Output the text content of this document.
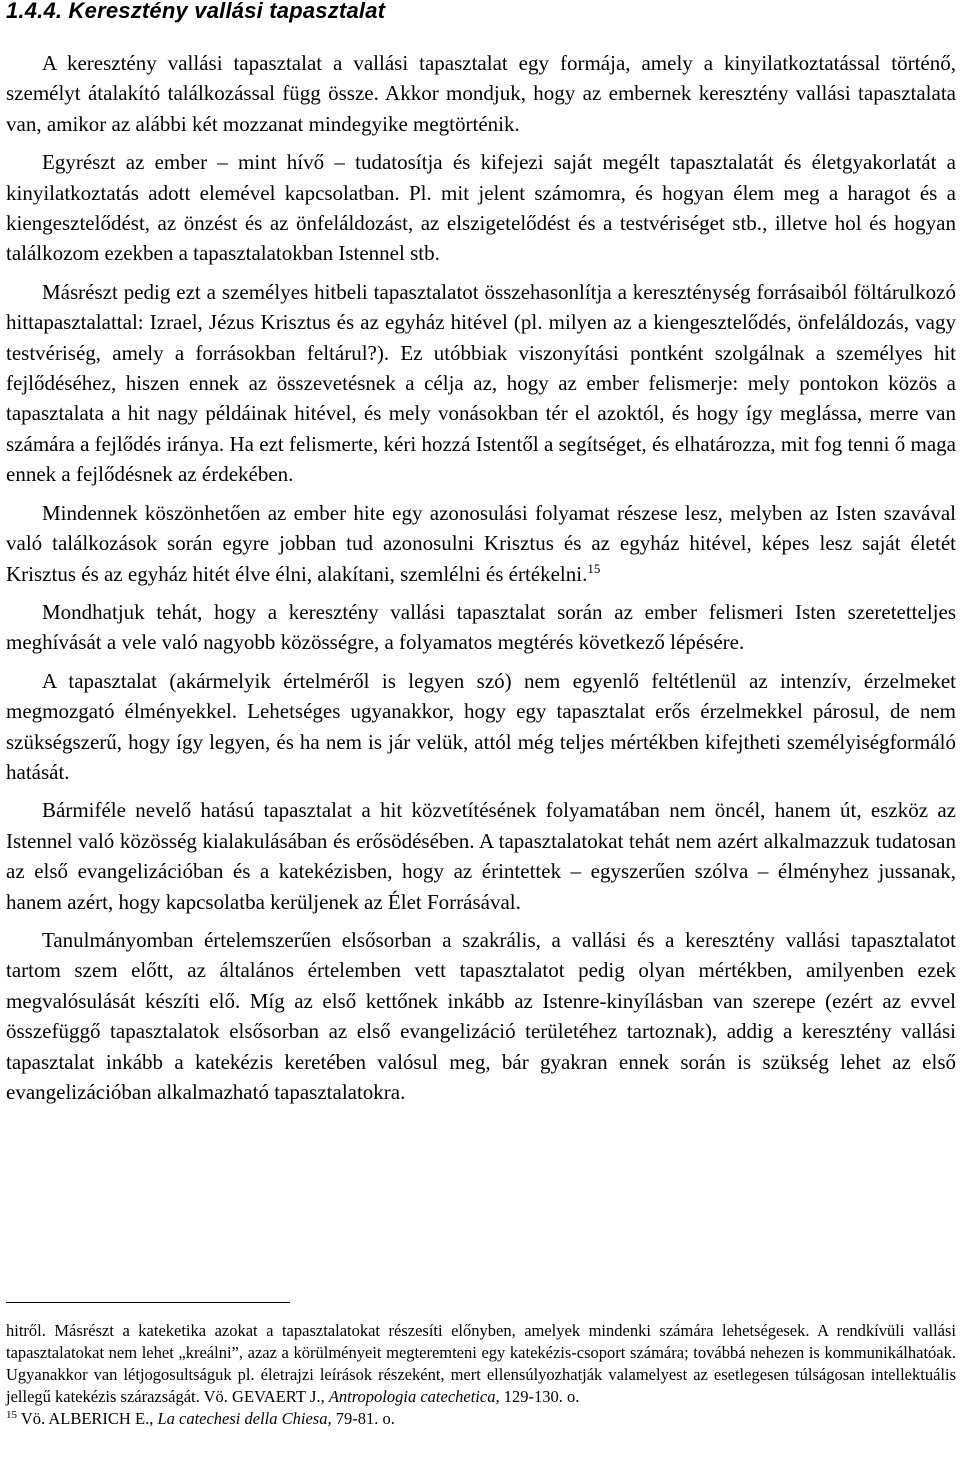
1.4.4. Keresztény vallási tapasztalat

A keresztény vallási tapasztalat a vallási tapasztalat egy formája, amely a kinyilatkoztatással történő, személyt átalakító találkozással függ össze. Akkor mondjuk, hogy az embernek keresztény vallási tapasztalata van, amikor az alábbi két mozzanat mindegyike megtörténik.

Egyrészt az ember – mint hívő – tudatosítja és kifejezi saját megélt tapasztalatát és életgyakorlatát a kinyilatkoztatás adott elemével kapcsolatban. Pl. mit jelent számomra, és hogyan élem meg a haragot és a kiengesztelődést, az önzést és az önfeláldozást, az elszigetelődést és a testvériséget stb., illetve hol és hogyan találkozom ezekben a tapasztalatokban Istennel stb.

Másrészt pedig ezt a személyes hitbeli tapasztalatot összehasonlítja a kereszténység forrásaiból föltárulkozó hittapasztalattal: Izrael, Jézus Krisztus és az egyház hitével (pl. milyen az a kiengesztelődés, önfeláldozás, vagy testvériség, amely a forrásokban feltárul?). Ez utóbbiak viszonyítási pontként szolgálnak a személyes hit fejlődéséhez, hiszen ennek az összevetésnek a célja az, hogy az ember felismerje: mely pontokon közös a tapasztalata a hit nagy példáinak hitével, és mely vonásokban tér el azoktól, és hogy így meglássa, merre van számára a fejlődés iránya. Ha ezt felismerte, kéri hozzá Istentől a segítséget, és elhatározza, mit fog tenni ő maga ennek a fejlődésnek az érdekében.

Mindennek köszönhetően az ember hite egy azonosulási folyamat részese lesz, melyben az Isten szavával való találkozások során egyre jobban tud azonosulni Krisztus és az egyház hitével, képes lesz saját életét Krisztus és az egyház hitét élve élni, alakítani, szemlélni és értékelni.$^{15}$

Mondhatjuk tehát, hogy a keresztény vallási tapasztalat során az ember felismeri Isten szeretetteljes meghívását a vele való nagyobb közösségre, a folyamatos megtérés következő lépésére.

A tapasztalat (akármelyik értelméről is legyen szó) nem egyenlő feltétlenül az intenzív, érzelmeket megmozgató élményekkel. Lehetséges ugyanakkor, hogy egy tapasztalat erős érzelmekkel párosul, de nem szükségszerű, hogy így legyen, és ha nem is jár velük, attól még teljes mértékben kifejtheti személyiségformáló hatását.

Bármiféle nevelő hatású tapasztalat a hit közvetítésének folyamatában nem öncél, hanem út, eszköz az Istennel való közösség kialakulásában és erősödésében. A tapasztalatokat tehát nem azért alkalmazzuk tudatosan az első evangelizációban és a katekézisben, hogy az érintettek – egyszerűen szólva – élményhez jussanak, hanem azért, hogy kapcsolatba kerüljenek az Élet Forrásával.

Tanulmányomban értelemszerűen elsősorban a szakrális, a vallási és a keresztény vallási tapasztalatot tartom szem előtt, az általános értelemben vett tapasztalatot pedig olyan mértékben, amilyenben ezek megvalósulását készíti elő. Míg az első kettőnek inkább az Istenre-kinyílásban van szerepe (ezért az evvel összefüggő tapasztalatok elsősorban az első evangelizáció területéhez tartoznak), addig a keresztény vallási tapasztalat inkább a katekézis keretében valósul meg, bár gyakran ennek során is szükség lehet az első evangelizációban alkalmazható tapasztalatokra.

hitről. Másrészt a kateketika azokat a tapasztalatokat részesíti előnyben, amelyek mindenki számára lehetségesek. A rendkívüli vallási tapasztalatokat nem lehet „kreálni”, azaz a körülményeit megteremteni egy katekézis-csoport számára; továbbá nehezen is kommunikálhatóak. Ugyanakkor van létjogosultságuk pl. életrajzi leírások részeként, mert ellensúlyozhatják valamelyest az esetlegesen túlságosan intellektuális jellegű katekézis szárazságát. Vö. GEVAERT J., Antropologia catechetica, 129-130. o.

$^{15}$ Vö. ALBERICH E., La catechesi della Chiesa, 79-81. o.
